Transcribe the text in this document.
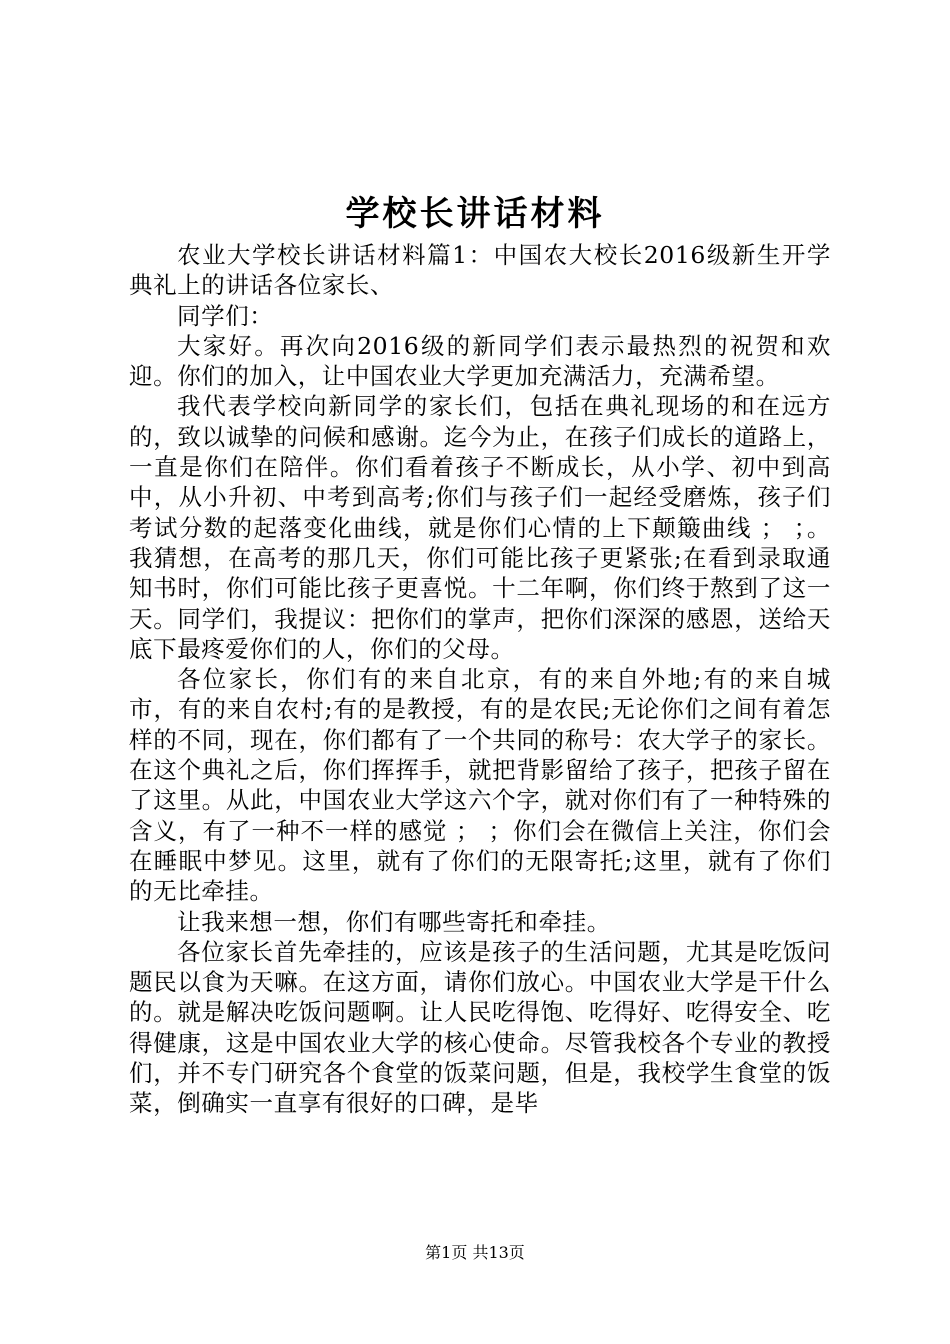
学校长讲话材料

农业大学校长讲话材料篇1：中国农大校长2016级新生开学典礼上的讲话各位家长、

同学们：

大家好。再次向2016级的新同学们表示最热烈的祝贺和欢迎。你们的加入，让中国农业大学更加充满活力，充满希望。

我代表学校向新同学的家长们，包括在典礼现场的和在远方的，致以诚挚的问候和感谢。迄今为止，在孩子们成长的道路上，一直是你们在陪伴。你们看着孩子不断成长，从小学、初中到高中，从小升初、中考到高考;你们与孩子们一起经受磨炼，孩子们考试分数的起落变化曲线，就是你们心情的上下颠簸曲线 ； ；。我猜想，在高考的那几天，你们可能比孩子更紧张;在看到录取通知书时，你们可能比孩子更喜悦。十二年啊，你们终于熬到了这一天。同学们，我提议：把你们的掌声，把你们深深的感恩，送给天底下最疼爱你们的人，你们的父母。

各位家长，你们有的来自北京，有的来自外地;有的来自城市，有的来自农村;有的是教授，有的是农民;无论你们之间有着怎样的不同，现在，你们都有了一个共同的称号：农大学子的家长。在这个典礼之后，你们挥挥手，就把背影留给了孩子，把孩子留在了这里。从此，中国农业大学这六个字，就对你们有了一种特殊的含义，有了一种不一样的感觉 ； ；你们会在微信上关注，你们会在睡眠中梦见。这里，就有了你们的无限寄托;这里，就有了你们的无比牵挂。

让我来想一想，你们有哪些寄托和牵挂。

各位家长首先牵挂的，应该是孩子的生活问题，尤其是吃饭问题民以食为天嘛。在这方面，请你们放心。中国农业大学是干什么的。就是解决吃饭问题啊。让人民吃得饱、吃得好、吃得安全、吃得健康，这是中国农业大学的核心使命。尽管我校各个专业的教授们，并不专门研究各个食堂的饭菜问题，但是，我校学生食堂的饭菜，倒确实一直享有很好的口碑，是毕

第1页 共13页
